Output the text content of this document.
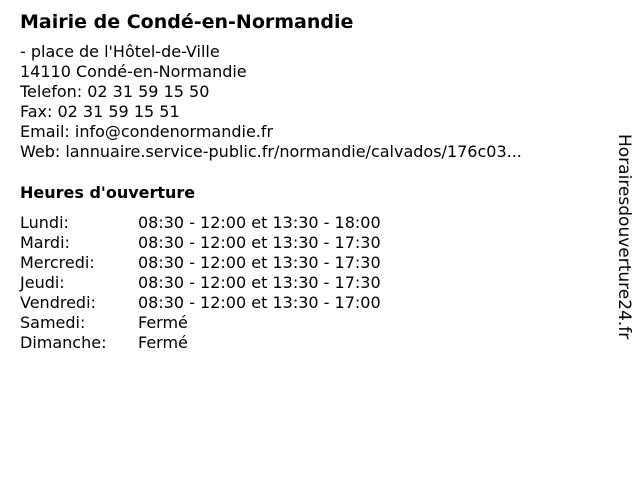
Mairie de Condé-en-Normandie
- place de l'Hôtel-de-Ville
14110 Condé-en-Normandie
Telefon: 02 31 59 15 50
Fax: 02 31 59 15 51
Email: info@condenormandie.fr
Web: lannuaire.service-public.fr/normandie/calvados/176c03...
Heures d'ouverture
Lundi:	08:30 - 12:00 et 13:30 - 18:00
Mardi:	08:30 - 12:00 et 13:30 - 17:30
Mercredi:	08:30 - 12:00 et 13:30 - 17:30
Jeudi:	08:30 - 12:00 et 13:30 - 17:30
Vendredi:	08:30 - 12:00 et 13:30 - 17:00
Samedi:	Fermé
Dimanche:	Fermé
Horairesdouverture24.fr
